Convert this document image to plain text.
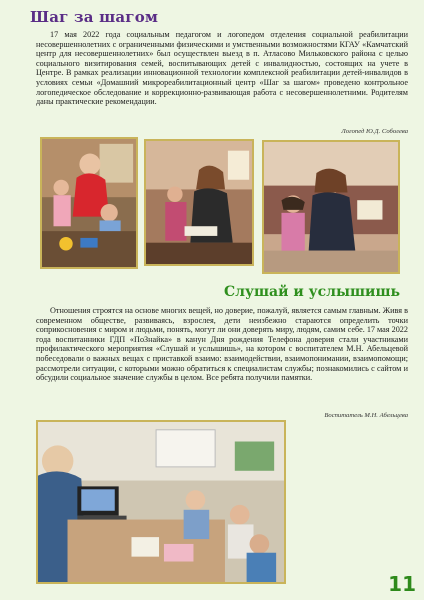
Шаг за шагом

17 мая 2022 года социальным педагогом и логопедом отделения социальной реабилитации несовершеннолетних с ограниченными физическими и умственными возможностями КГАУ «Камчатский центр для несовершеннолетних» был осуществлен выезд в п. Атласово Мильковского района с целью социального визитирования семей, воспитывающих детей с инвалидностью, состоящих на учете в Центре. В рамках реализации инновационной технологии комплексной реабилитации детей-инвалидов в условиях семьи «Домашний микрореабилитационный центр «Шаг за шагом» проведено контрольное логопедическое обследование и коррекционно-развивающая работа с несовершеннолетними. Родителям даны практические рекомендации.

Логопед Ю.Д. Соболева
Слушай и услышишь

Отношения строятся на основе многих вещей, но доверие, пожалуй, является самым главным. Живя в современном обществе, развиваясь, взрослея, дети неизбежно стараются определить точки соприкосновения с миром и людьми, понять, могут ли они доверять миру, людям, самим себе. 17 мая 2022 года воспитанники ГДП «ПоЗнайка» в канун Дня рождения Телефона доверия стали участниками профилактического мероприятия «Слушай и услышишь», на котором с воспитателем М.Н. Абельцевой побеседовали о важных вещах с приставкой взаимо: взаимодействии, взаимопонимании, взаимопомощи; рассмотрели ситуации, с которыми можно обратиться к специалистам службы; познакомились с сайтом и обсудили социальное значение службы в целом. Все ребята получили памятки.

Воспитатель М.Н. Абельцева
11
